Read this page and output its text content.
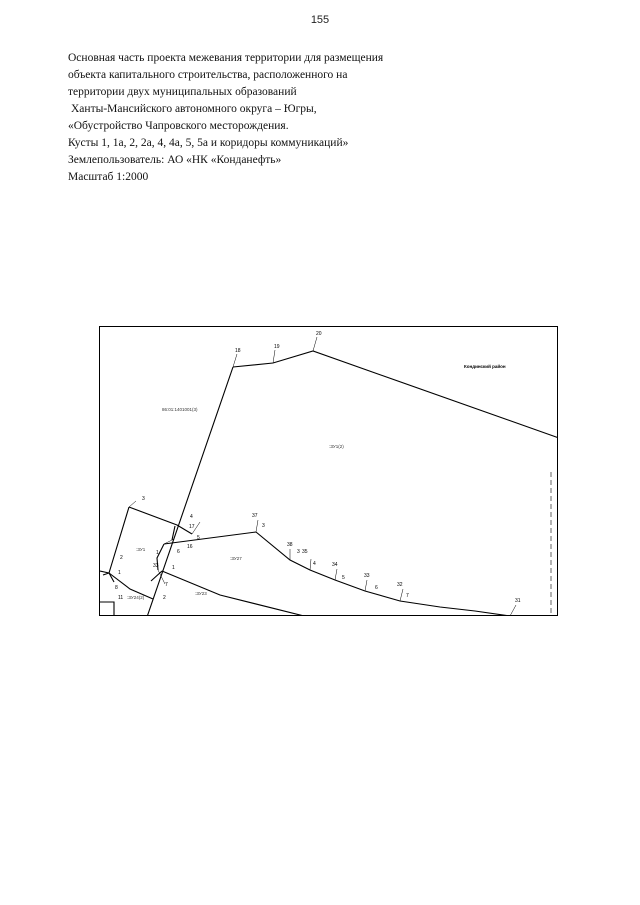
155
Основная часть проекта межевания территории для размещения
объекта капитального строительства, расположенного на
территории двух муниципальных образований
Ханты-Мансийского автономного округа – Югры,
«Обустройство Чапровского месторождения.
Кусты 1, 1а, 2, 2а, 4, 4а, 5, 5а и коридоры коммуникаций»
Землепользователь: АО «НК «Конданефть»
Масштаб 1:2000
Кондинский район
86:01:1401001(3)
:ЗУ1(2)
:ЗУ1
:ЗУ27
:ЗУ23
:ЗУ24(2)
18
19
20
3
4
17
5
16
6
1
2
33	1
1
8	7
2
11
37
3
38
3 35
4	34
5	33
6	32
7
31
